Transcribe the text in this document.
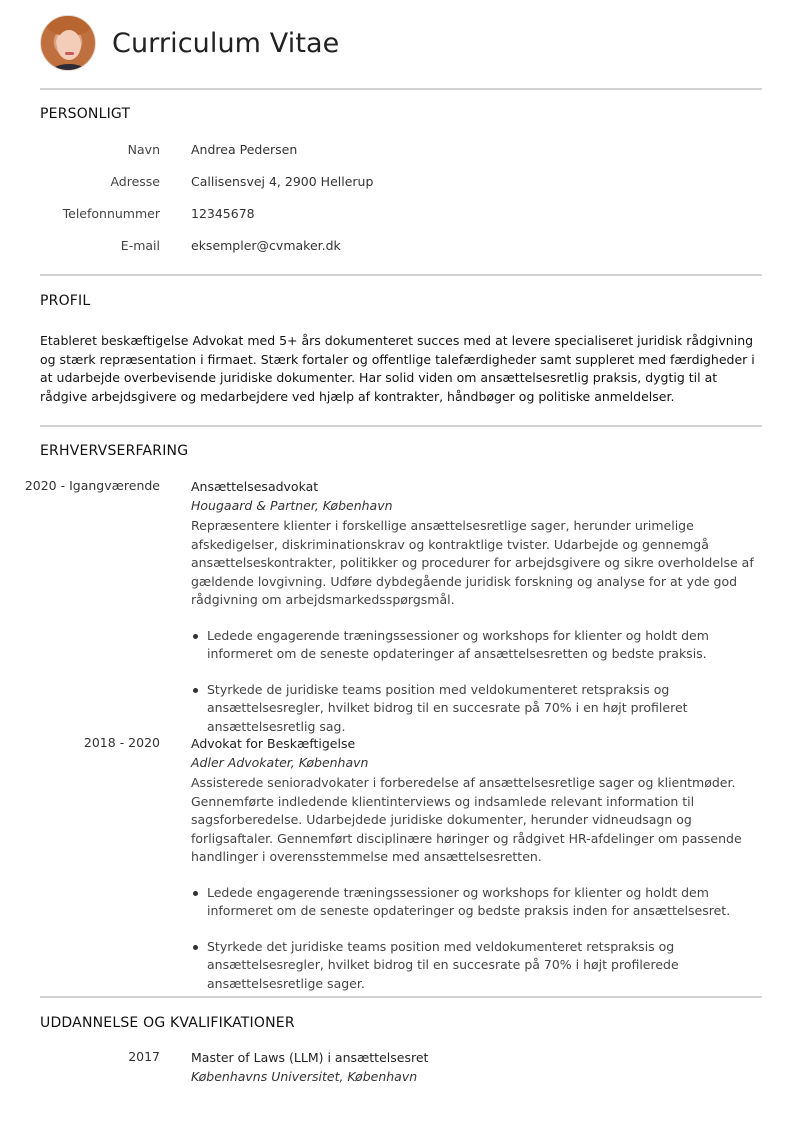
Curriculum Vitae
PERSONLIGT
Navn Andrea Pedersen
Adresse Callisensvej 4, 2900 Hellerup
Telefonnummer 12345678
E-mail eksempler@cvmaker.dk
PROFIL
Etableret beskæftigelse Advokat med 5+ års dokumenteret succes med at levere specialiseret juridisk rådgivning og stærk repræsentation i firmaet. Stærk fortaler og offentlige talefærdigheder samt suppleret med færdigheder i at udarbejde overbevisende juridiske dokumenter. Har solid viden om ansættelsesretlig praksis, dygtig til at rådgive arbejdsgivere og medarbejdere ved hjælp af kontrakter, håndbøger og politiske anmeldelser.
ERHVERVSERFARING
2020 - Igangværende Ansættelsesadvokat
Hougaard & Partner, København
Repræsentere klienter i forskellige ansættelsesretlige sager, herunder urimelige afskedigelser, diskriminationskrav og kontraktlige tvister. Udarbejde og gennemgå ansættelseskontrakter, politikker og procedurer for arbejdsgivere og sikre overholdelse af gældende lovgivning. Udføre dybdegående juridisk forskning og analyse for at yde god rådgivning om arbejdsmarkedsspørgsmål.
Ledede engagerende træningssessioner og workshops for klienter og holdt dem informeret om de seneste opdateringer af ansættelsesretten og bedste praksis.
Styrkede de juridiske teams position med veldokumenteret retspraksis og ansættelsesregler, hvilket bidrog til en succesrate på 70% i en højt profileret ansættelsesretlig sag.
2018 - 2020 Advokat for Beskæftigelse
Adler Advokater, København
Assisterede senioradvokater i forberedelse af ansættelsesretlige sager og klientmøder. Gennemførte indledende klientinterviews og indsamlede relevant information til sagsforberedelse. Udarbejdede juridiske dokumenter, herunder vidneudsagn og forligsaftaler. Gennemført disciplinære høringer og rådgivet HR-afdelinger om passende handlinger i overensstemmelse med ansættelsesretten.
Ledede engagerende træningssessioner og workshops for klienter og holdt dem informeret om de seneste opdateringer og bedste praksis inden for ansættelsesret.
Styrkede det juridiske teams position med veldokumenteret retspraksis og ansættelsesregler, hvilket bidrog til en succesrate på 70% i højt profilerede ansættelsesretlige sager.
UDDANNELSE OG KVALIFIKATIONER
2017 Master of Laws (LLM) i ansættelsesret
Københavns Universitet, København
